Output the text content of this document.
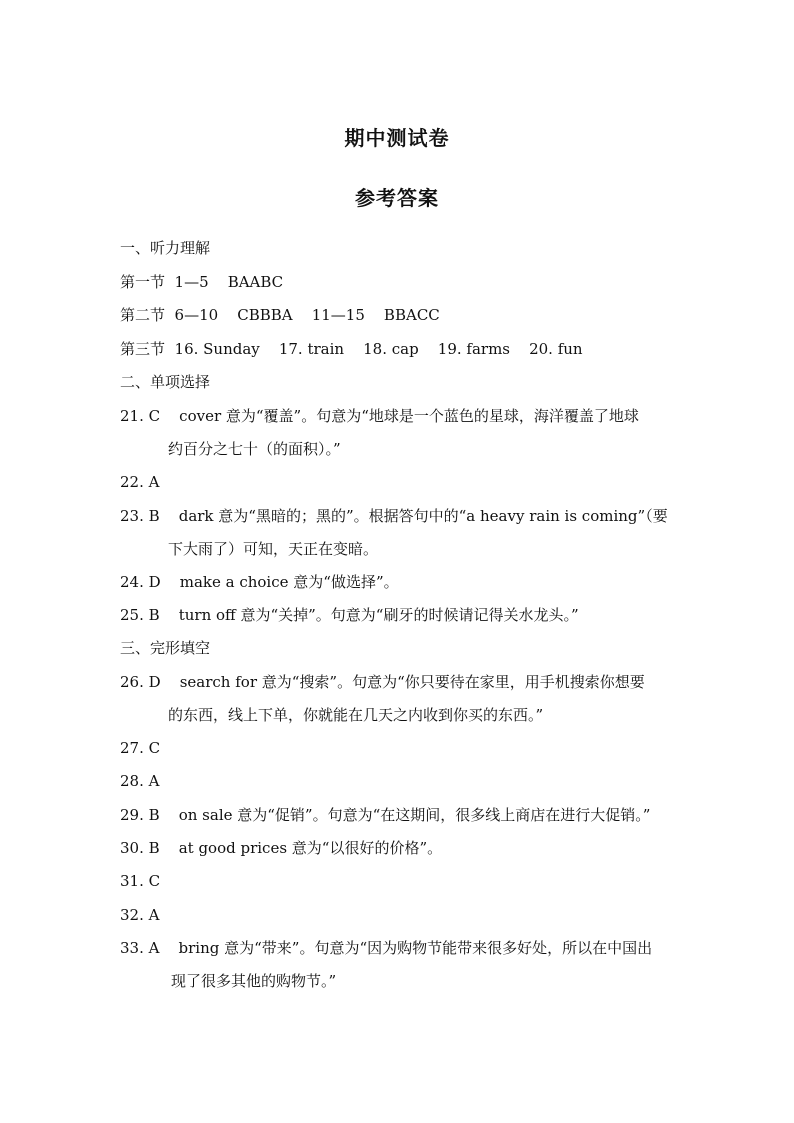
期中测试卷
参考答案
一、听力理解
第一节  1—5    BAABC
第二节  6—10    CBBBA    11—15    BBACC
第三节  16. Sunday    17. train    18. cap    19. farms    20. fun
二、单项选择
21. C    cover 意为“覆盖”。句意为“地球是一个蓝色的星球，海洋覆盖了地球
约百分之七十（的面积）。”
22. A
23. B    dark 意为“黑暗的；黑的”。根据答句中的“a heavy rain is coming”（要
下大雨了）可知，天正在变暗。
24. D    make a choice 意为“做选择”。
25. B    turn off 意为“关掉”。句意为“刷牙的时候请记得关水龙头。”
三、完形填空
26. D    search for 意为“搜索”。句意为“你只要待在家里，用手机搜索你想要
的东西，线上下单，你就能在几天之内收到你买的东西。”
27. C
28. A
29. B    on sale 意为“促销”。句意为“在这期间，很多线上商店在进行大促销。”
30. B    at good prices 意为“以很好的价格”。
31. C
32. A
33. A    bring 意为“带来”。句意为“因为购物节能带来很多好处，所以在中国出
现了很多其他的购物节。”
